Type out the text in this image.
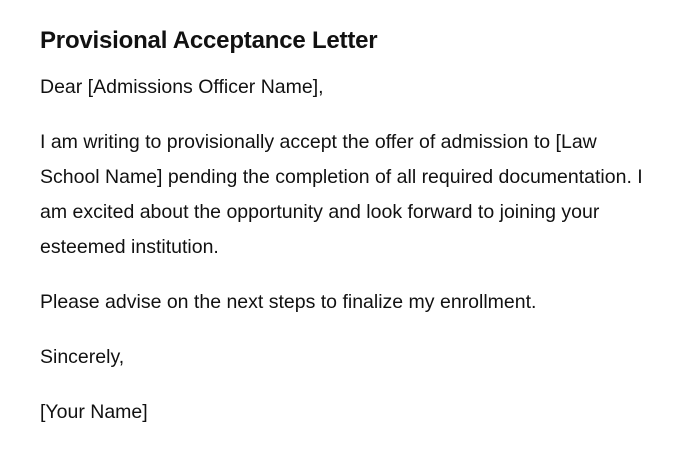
Provisional Acceptance Letter

Dear [Admissions Officer Name],

I am writing to provisionally accept the offer of admission to [Law School Name] pending the completion of all required documentation. I am excited about the opportunity and look forward to joining your esteemed institution.

Please advise on the next steps to finalize my enrollment.

Sincerely,

[Your Name]
